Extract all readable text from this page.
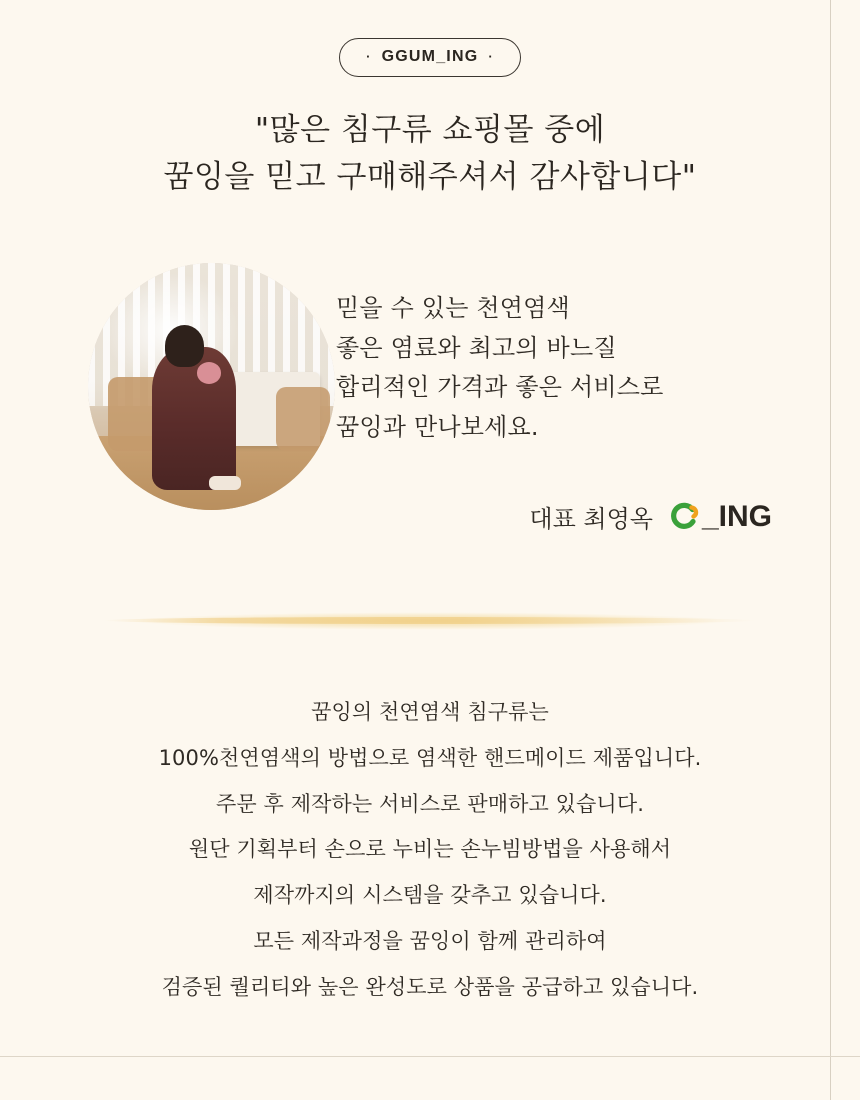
· GGUM_ING ·
"많은 침구류 쇼핑몰 중에
꿈잉을 믿고 구매해주셔서 감사합니다"
믿을 수 있는 천연염색
좋은 염료와 최고의 바느질
합리적인 가격과 좋은 서비스로
꿈잉과 만나보세요.
대표 최영옥 _ING
꿈잉의 천연염색 침구류는
100%천연염색의 방법으로 염색한 핸드메이드 제품입니다.
주문 후 제작하는 서비스로 판매하고 있습니다.
원단 기획부터 손으로 누비는 손누빔방법을 사용해서
제작까지의 시스템을 갖추고 있습니다.
모든 제작과정을 꿈잉이 함께 관리하여
검증된 퀄리티와 높은 완성도로 상품을 공급하고 있습니다.
